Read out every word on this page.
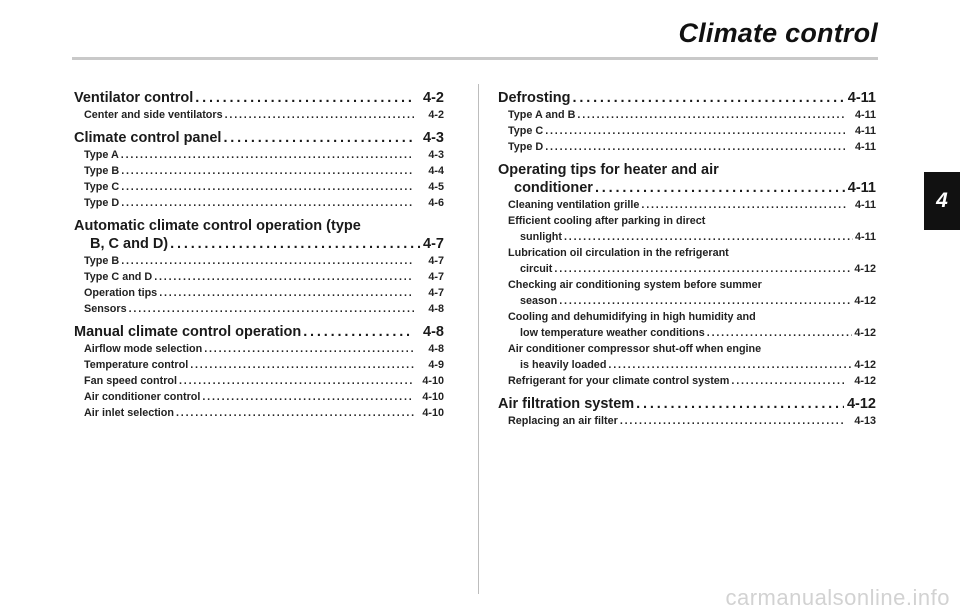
Climate control
4
Ventilator control . . .	4-2
Center and side ventilators . . .	4-2
Climate control panel . . .	4-3
Type A . . .	4-3
Type B . . .	4-4
Type C . . .	4-5
Type D . . .	4-6
Automatic climate control operation (type
B, C and D) . . .	4-7
Type B . . .	4-7
Type C and D . . .	4-7
Operation tips . . .	4-7
Sensors . . .	4-8
Manual climate control operation . . .	4-8
Airflow mode selection . . .	4-8
Temperature control . . .	4-9
Fan speed control . . .	4-10
Air conditioner control . . .	4-10
Air inlet selection . . .	4-10
Defrosting . . .	4-11
Type A and B . . .	4-11
Type C . . .	4-11
Type D . . .	4-11
Operating tips for heater and air
conditioner . . .	4-11
Cleaning ventilation grille . . .	4-11
Efficient cooling after parking in direct
sunlight . . .	4-11
Lubrication oil circulation in the refrigerant
circuit . . .	4-12
Checking air conditioning system before summer
season . . .	4-12
Cooling and dehumidifying in high humidity and
low temperature weather conditions . . .	4-12
Air conditioner compressor shut-off when engine
is heavily loaded . . .	4-12
Refrigerant for your climate control system . . .	4-12
Air filtration system . . .	4-12
Replacing an air filter . . .	4-13
carmanualsonline.info
